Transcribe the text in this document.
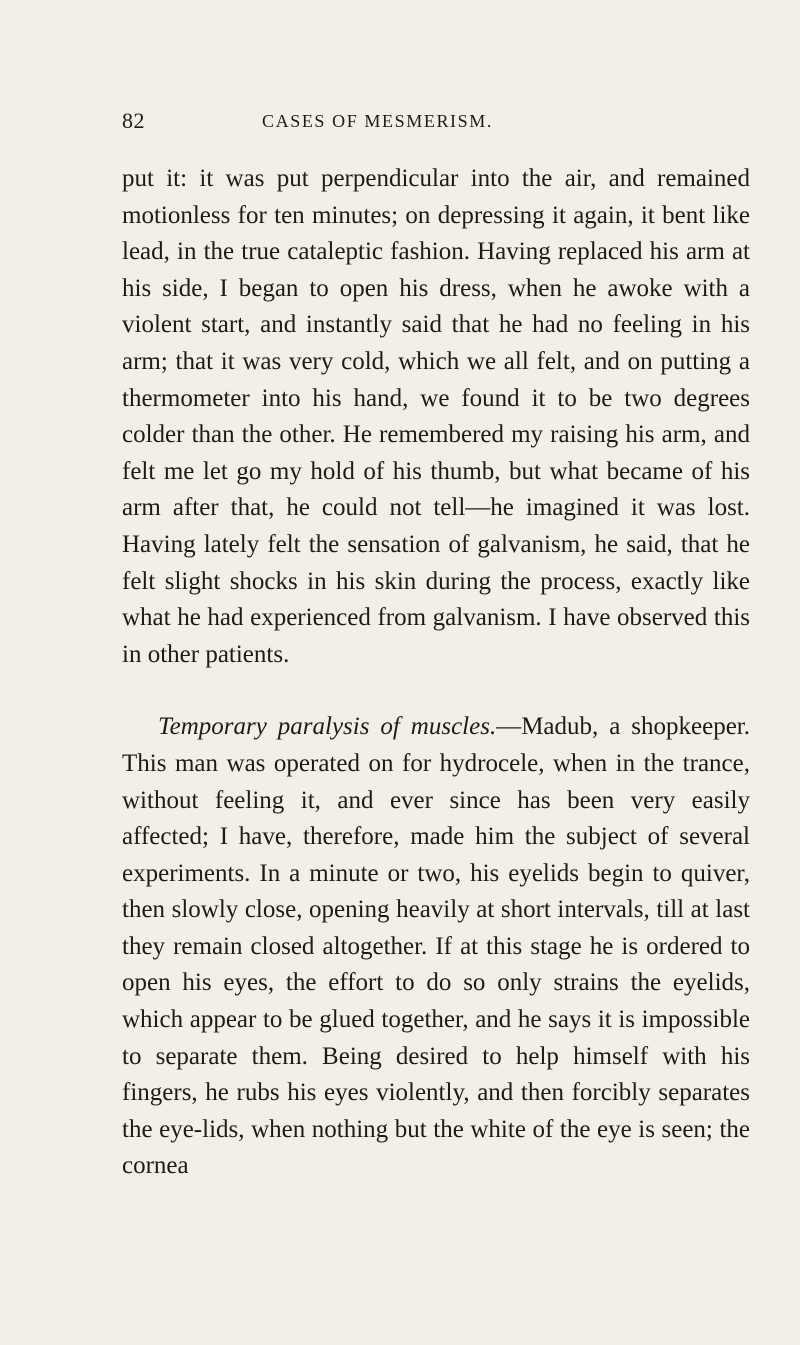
82	CASES OF MESMERISM.

put it: it was put perpendicular into the air, and remained motionless for ten minutes; on depressing it again, it bent like lead, in the true cataleptic fashion. Having replaced his arm at his side, I began to open his dress, when he awoke with a violent start, and instantly said that he had no feeling in his arm; that it was very cold, which we all felt, and on putting a thermometer into his hand, we found it to be two degrees colder than the other. He remembered my raising his arm, and felt me let go my hold of his thumb, but what became of his arm after that, he could not tell—he imagined it was lost. Having lately felt the sensation of galvanism, he said, that he felt slight shocks in his skin during the process, exactly like what he had experienced from galvanism. I have observed this in other patients.

Temporary paralysis of muscles.—Madub, a shopkeeper. This man was operated on for hydrocele, when in the trance, without feeling it, and ever since has been very easily affected; I have, therefore, made him the subject of several experiments. In a minute or two, his eyelids begin to quiver, then slowly close, opening heavily at short intervals, till at last they remain closed altogether. If at this stage he is ordered to open his eyes, the effort to do so only strains the eyelids, which appear to be glued together, and he says it is impossible to separate them. Being desired to help himself with his fingers, he rubs his eyes violently, and then forcibly separates the eye-lids, when nothing but the white of the eye is seen; the cornea
